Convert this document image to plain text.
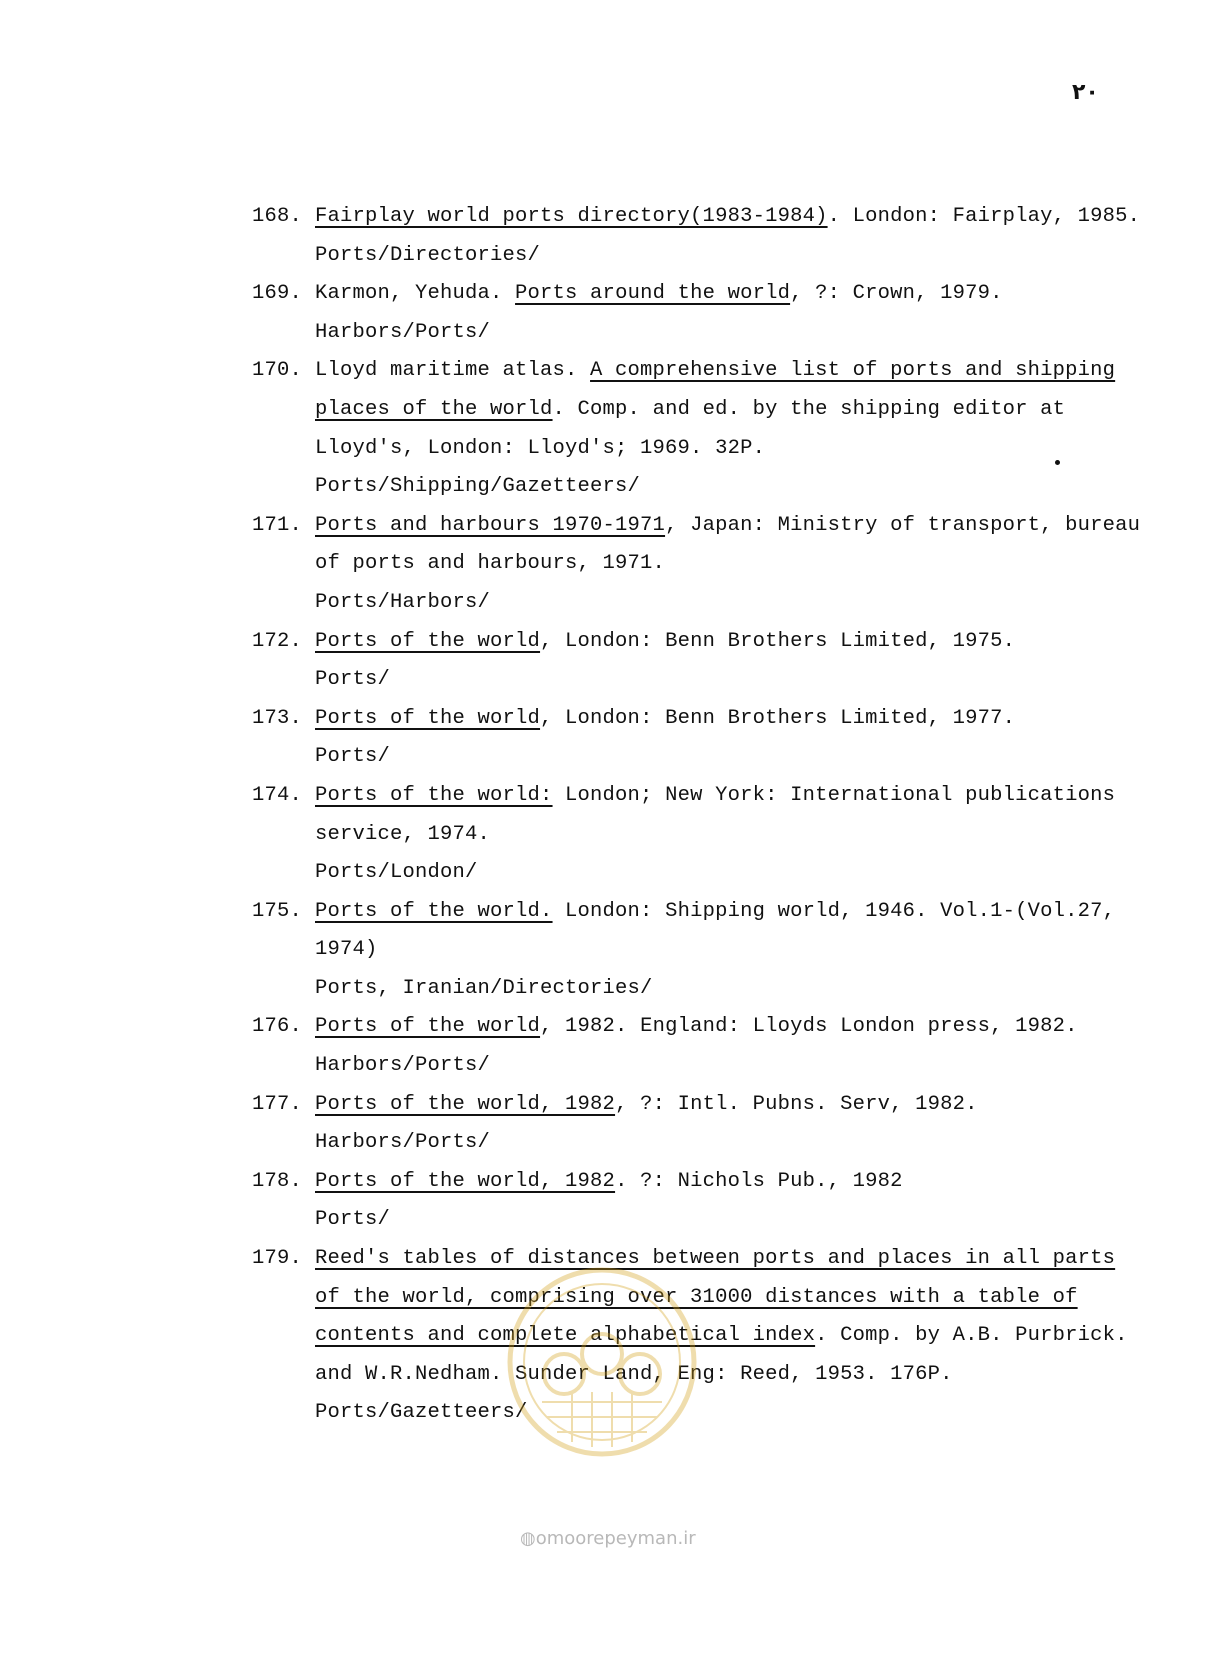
۲۰
168. Fairplay world ports directory(1983-1984). London: Fairplay, 1985.
Ports/Directories/
169. Karmon, Yehuda. Ports around the world, ?: Crown, 1979.
Harbors/Ports/
170. Lloyd maritime atlas. A comprehensive list of ports and shipping places of the world. Comp. and ed. by the shipping editor at Lloyd's, London: Lloyd's; 1969. 32P.
Ports/Shipping/Gazetteers/
171. Ports and harbours 1970-1971, Japan: Ministry of transport, bureau of ports and harbours, 1971.
Ports/Harbors/
172. Ports of the world, London: Benn Brothers Limited, 1975.
Ports/
173. Ports of the world, London: Benn Brothers Limited, 1977.
Ports/
174. Ports of the world: London; New York: International publications service, 1974.
Ports/London/
175. Ports of the world. London: Shipping world, 1946. Vol.1-(Vol.27, 1974)
Ports, Iranian/Directories/
176. Ports of the world, 1982. England: Lloyds London press, 1982.
Harbors/Ports/
177. Ports of the world, 1982, ?: Intl. Pubns. Serv, 1982.
Harbors/Ports/
178. Ports of the world, 1982. ?: Nichols Pub., 1982
Ports/
179. Reed's tables of distances between ports and places in all parts of the world, comprising over 31000 distances with a table of contents and complete alphabetical index. Comp. by A.B. Purbrick. and W.R.Nedham. Sunder Land, Eng: Reed, 1953. 176P.
Ports/Gazetteers/
◍omoorepeyman.ir
